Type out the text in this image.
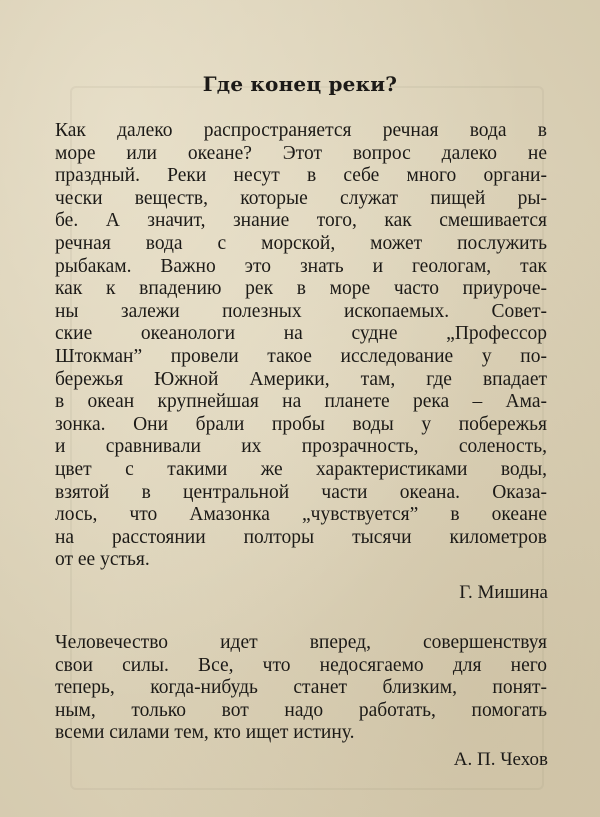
Где конец реки?
Как далеко распространяется речная вода в
море или океане? Этот вопрос далеко не
праздный. Реки несут в себе много органи-
чески веществ, которые служат пищей ры-
бе. А значит, знание того, как смешивается
речная вода с морской, может послужить
рыбакам. Важно это знать и геологам, так
как к впадению рек в море часто приуроче-
ны залежи полезных ископаемых. Совет-
ские океанологи на судне „Профессор
Штокман” провели такое исследование у по-
бережья Южной Америки, там, где впадает
в океан крупнейшая на планете река – Ама-
зонка. Они брали пробы воды у побережья
и сравнивали их прозрачность, соленость,
цвет с такими же характеристиками воды,
взятой в центральной части океана. Оказа-
лось, что Амазонка „чувствуется” в океане
на расстоянии полторы тысячи километров
от ее устья.
Г. Мишина
Человечество идет вперед, совершенствуя
свои силы. Все, что недосягаемо для него
теперь, когда-нибудь станет близким, понят-
ным, только вот надо работать, помогать
всеми силами тем, кто ищет истину.
А. П. Чехов
